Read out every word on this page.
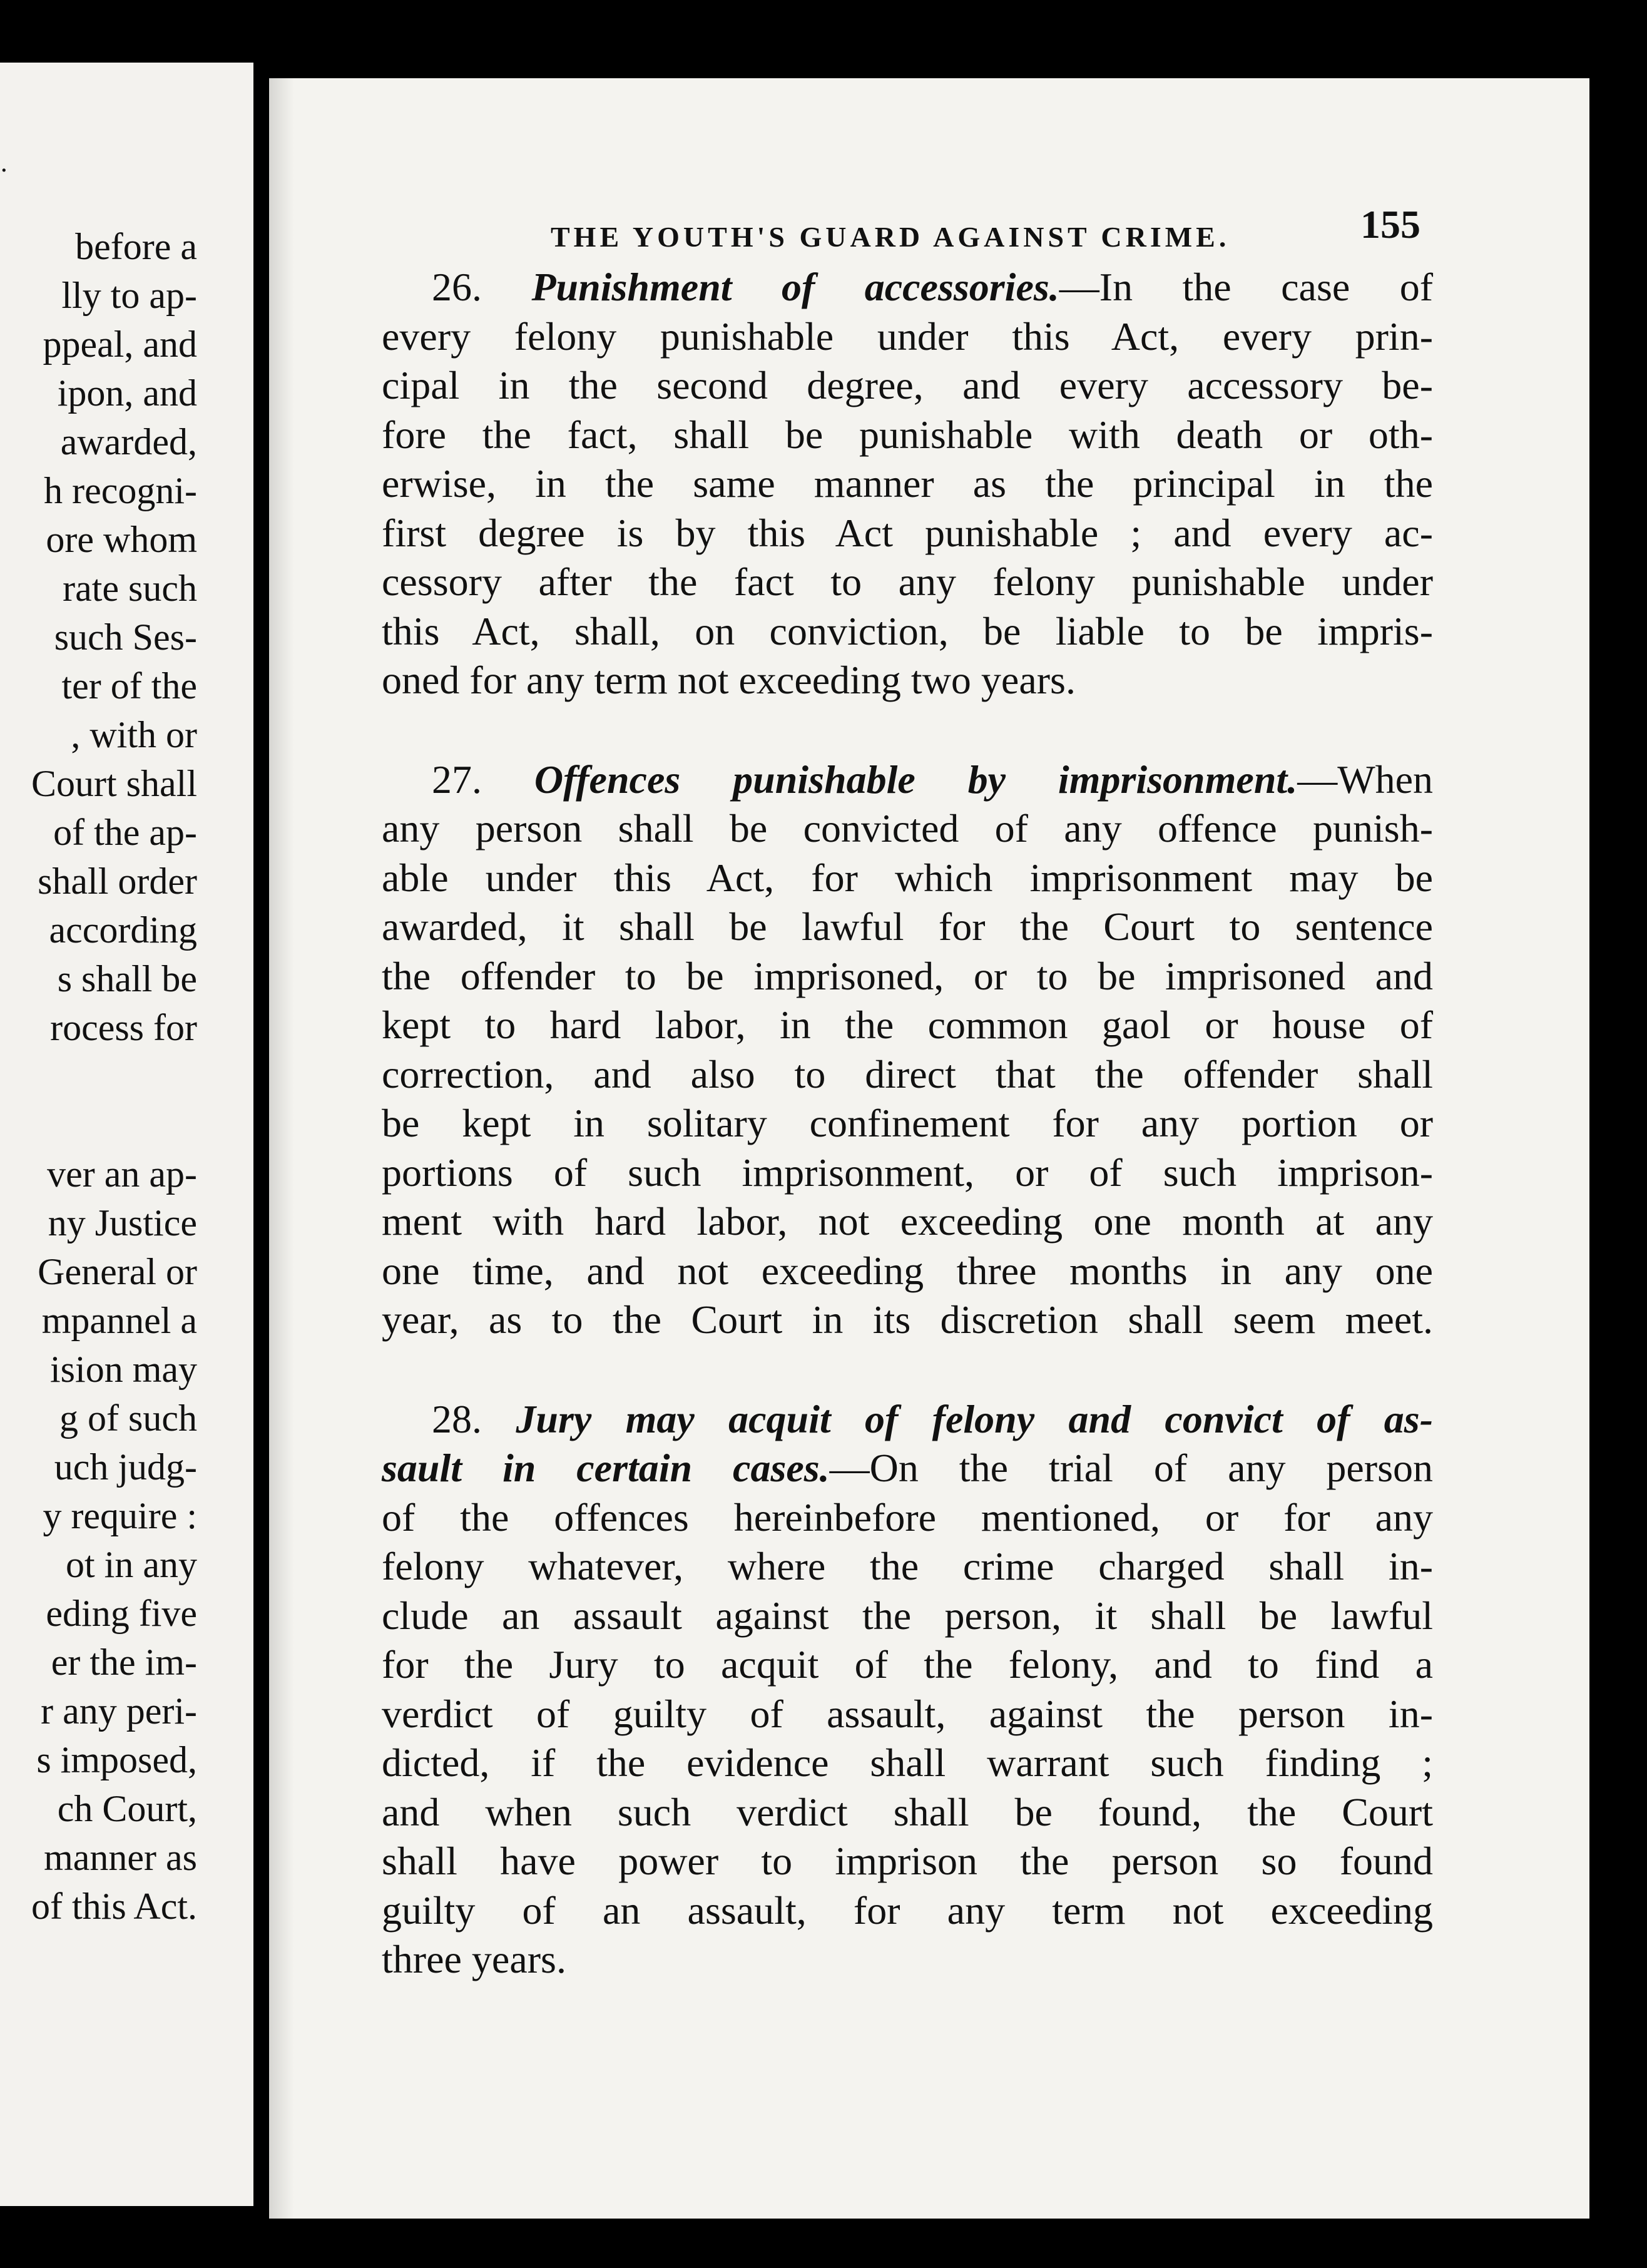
·
before a
lly to ap-
ppeal, and
ipon, and
awarded,
h recogni-
ore whom
rate such
such Ses-
ter of the
, with or
Court shall
of the ap-
shall order
according
s shall be
rocess for
ver an ap-
ny Justice
General or
mpannel a
ision may
g of such
uch judg-
y require :
ot in any
eding five
er the im-
r any peri-
s imposed,
ch Court,
manner as
of this Act.
THE YOUTH'S GUARD AGAINST CRIME.	155
26. Punishment of accessories.—In the case of
every felony punishable under this Act, every prin-
cipal in the second degree, and every accessory be-
fore the fact, shall be punishable with death or oth-
erwise, in the same manner as the principal in the
first degree is by this Act punishable ; and every ac-
cessory after the fact to any felony punishable under
this Act, shall, on conviction, be liable to be impris-
oned for any term not exceeding two years.
27. Offences punishable by imprisonment.—When
any person shall be convicted of any offence punish-
able under this Act, for which imprisonment may be
awarded, it shall be lawful for the Court to sentence
the offender to be imprisoned, or to be imprisoned and
kept to hard labor, in the common gaol or house of
correction, and also to direct that the offender shall
be kept in solitary confinement for any portion or
portions of such imprisonment, or of such imprison-
ment with hard labor, not exceeding one month at any
one time, and not exceeding three months in any one
year, as to the Court in its discretion shall seem meet.
28. Jury may acquit of felony and convict of as-
sault in certain cases.—On the trial of any person
of the offences hereinbefore mentioned, or for any
felony whatever, where the crime charged shall in-
clude an assault against the person, it shall be lawful
for the Jury to acquit of the felony, and to find a
verdict of guilty of assault, against the person in-
dicted, if the evidence shall warrant such finding ;
and when such verdict shall be found, the Court
shall have power to imprison the person so found
guilty of an assault, for any term not exceeding
three years.
